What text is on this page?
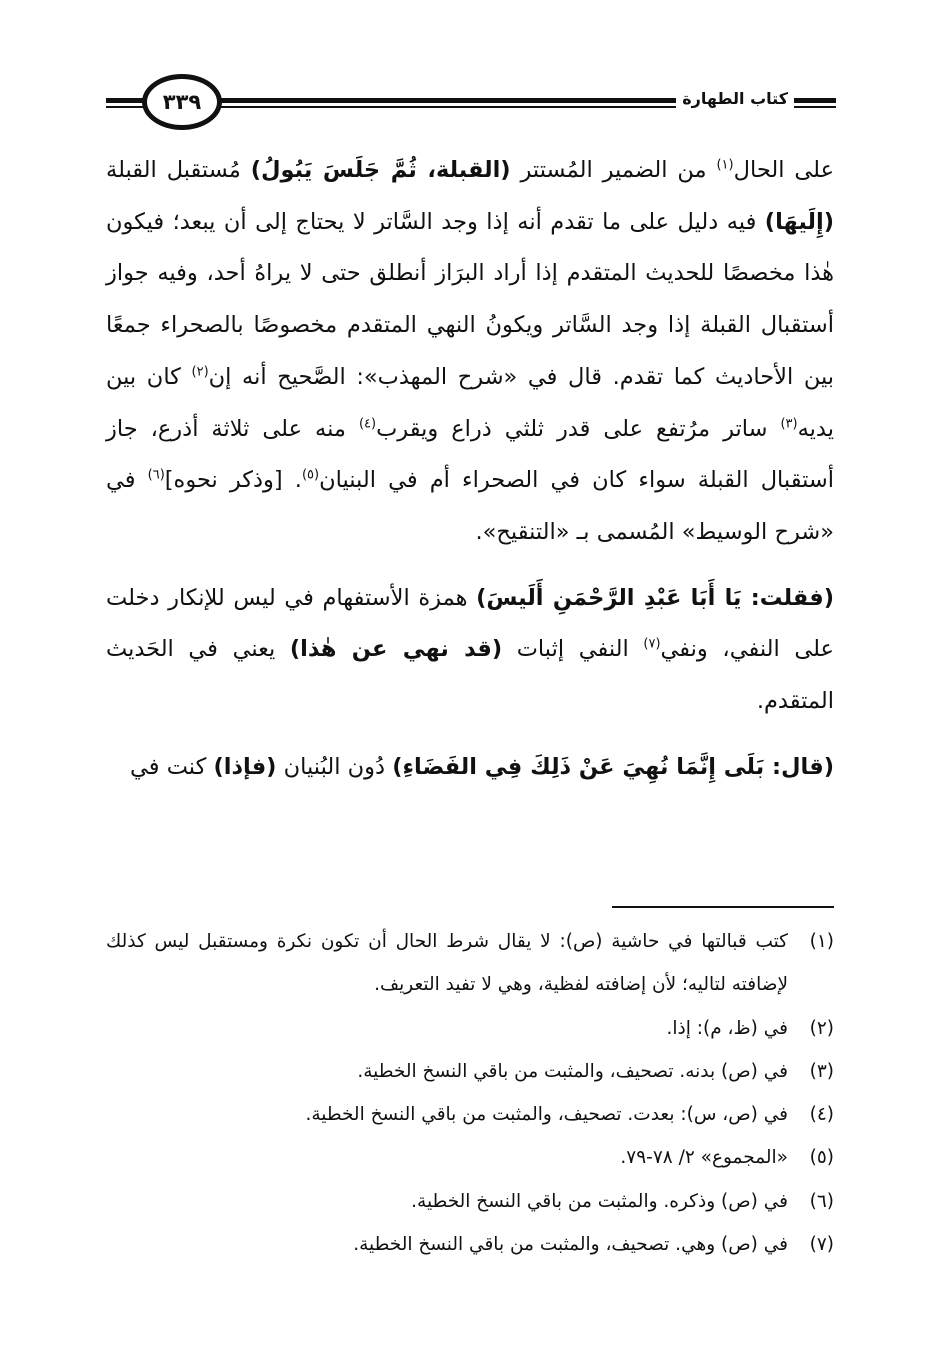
٣٣٩	كتاب الطهارة

على الحال$^{(١)}$ من الضمير المُستتر (القبلة، ثُمَّ جَلَسَ يَبُولُ) مُستقبل القبلة (إِلَيهَا) فيه دليل على ما تقدم أنه إذا وجد السَّاتر لا يحتاج إلى أن يبعد؛ فيكون هٰذا مخصصًا للحديث المتقدم إذا أراد البرَاز أنطلق حتى لا يراهُ أحد، وفيه جواز أستقبال القبلة إذا وجد السَّاتر ويكونُ النهي المتقدم مخصوصًا بالصحراء جمعًا بين الأحاديث كما تقدم. قال في «شرح المهذب»: الصَّحيح أنه إن$^{(٢)}$ كان بين يديه$^{(٣)}$ ساتر مرُتفع على قدر ثلثي ذراع ويقرب$^{(٤)}$ منه على ثلاثة أذرع، جاز أستقبال القبلة سواء كان في الصحراء أم في البنيان$^{(٥)}$. [وذكر نحوه]$^{(٦)}$ في «شرح الوسيط» المُسمى بـ «التنقيح».

(فقلت: يَا أَبَا عَبْدِ الرَّحْمَنِ أَلَيسَ) همزة الأستفهام في ليس للإنكار دخلت على النفي، ونفي$^{(٧)}$ النفي إثبات (قد نهي عن هٰذا) يعني في الحَديث المتقدم.

(قال: بَلَى إِنَّمَا نُهِيَ عَنْ ذَلِكَ فِي الفَضَاءِ) دُون البُنيان (فإذا) كنت في

(١)
كتب قبالتها في حاشية (ص): لا يقال شرط الحال أن تكون نكرة ومستقبل ليس كذلك لإضافته لتاليه؛ لأن إضافته لفظية، وهي لا تفيد التعريف.
(٢)
في (ظ، م): إذا.
(٣)
في (ص) بدنه. تصحيف، والمثبت من باقي النسخ الخطية.
(٤)
في (ص، س): بعدت. تصحيف، والمثبت من باقي النسخ الخطية.
(٥)
«المجموع» ٢/ ٧٨-٧٩.
(٦)
في (ص) وذكره. والمثبت من باقي النسخ الخطية.
(٧)
في (ص) وهي. تصحيف، والمثبت من باقي النسخ الخطية.
